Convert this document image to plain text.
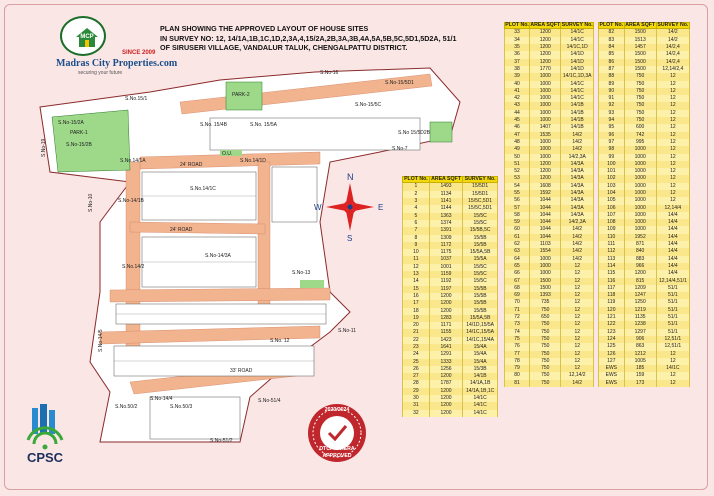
MCP
SINCE 2009
Madras City Properties.com
securing your future
PLAN SHOWING THE APPROVED LAYOUT OF HOUSE SITES
IN SURVEY NO: 12, 14/1A,1B,1C,1D,2,3A,4,15/2A,2B,3A,3B,4A,5A,5B,5C,5D1,5D2A, 51/1
OF SIRUSERI VILLAGE, VANDALUR TALUK, CHENGALPATTU DISTRICT.
24' ROAD
24' ROAD
33' ROAD
PARK-1
PARK-2
O.U.
S.No-16
S.No.15/1
S.No-15/2A
S.No-15/2B
S.No.14/1A
S.No-14/1B
S.No.14/1C
S.No.14/1D
S.No.14/2
S.No-14/3A
S.No-14/4
S.No-13
S.No. 12
S.No-11
S.No-7
S.No. 15/4B	S.No. 15/5A
S.No-15/5C
S.No-15/5D1
S.No 15/5D2B
S.No-10
S.No-19
S.No.50/2	S.No.50/3
S.No-51/2
S.No-51/4
S.No-14/5
N
S
E
W
CPSC
2023/2024
DTCP & RERA
APPROVED
PLOT No.	AREA SQFT	SURVEY No.
1	1493	15/5D1
2	1134	15/5D1
3	1141	15/5C,5D1
4	1144	15/5C,5D1
5	1363	15/5C
6	1374	15/5C
7	1391	15/5B,5C
8	1309	15/5B
9	1172	15/5B
10	1175	15/5A,5B
11	1037	15/5A
12	1001	15/5C
13	1159	15/5C
14	1192	15/5C
15	1197	15/5B
16	1200	15/5B
17	1200	15/5B
18	1200	15/5B
19	1283	15/5A,5B
20	1171	14/1D,15/5A
21	1155	14/1C,15/5A
22	1423	14/1C,15/4A
23	1641	15/4A
24	1291	15/4A
25	1333	15/4A
26	1256	15/3B
27	1200	14/1B
28	1787	14/1A,1B
29	1200	14/1A,1B,1C
30	1200	14/1C
31	1200	14/1C
32	1200	14/1C
PLOT No.	AREA SQFT	SURVEY No.
33	1200	14/1C
34	1200	14/1C
35	1200	14/1C,1D
36	1200	14/1D
37	1200	14/1D
38	1770	14/1D
39	1000	14/1C,1D,3A
40	1000	14/1C
41	1000	14/1C
42	1000	14/1C
43	1000	14/1B
44	1000	14/1B
45	1000	14/1B
46	1407	14/1B
47	1535	14/2
48	1000	14/2
49	1000	14/2
50	1000	14/2,3A
51	1200	14/3A
52	1200	14/3A
53	1200	14/3A
54	1608	14/3A
55	1592	14/3A
56	1044	14/3A
57	1044	14/3A
58	1044	14/3A
59	1044	14/2,3A
60	1044	14/2
61	1044	14/2
62	1103	14/2
63	1554	14/2
64	1000	14/2
65	1000	12
66	1000	12
67	1500	12
68	1500	12
69	1393	12
70	735	12
71	750	12
72	650	12
73	750	12
74	750	12
75	750	12
76	750	12
77	750	12
78	750	12
79	750	12
80	750	12,14/2
81	750	14/2
PLOT No.	AREA SQFT	SURVEY No.
82	1500	14/2
83	1513	14/2
84	1457	14/2,4
85	1500	14/2,4
86	1500	14/2,4
87	1500	12,14/2,4
88	750	12
89	750	12
90	750	12
91	750	12
92	750	12
93	750	12
94	750	12
95	600	12
96	742	12
97	995	12
98	1000	12
99	1000	12
100	1000	12
101	1000	12
102	1000	12
103	1000	12
104	1000	12
105	1000	12
106	1000	12,14/4
107	1000	14/4
108	1000	14/4
109	1000	14/4
110	1952	14/4
111	871	14/4
112	840	14/4
113	883	14/4
114	966	14/4
115	1200	14/4
116	815	12,14/4,51/1
117	1209	51/1
118	1247	51/1
119	1250	51/1
120	1219	51/1
121	1135	51/1
122	1238	51/1
123	1297	51/1
124	906	12,51/1
125	863	12,51/1
126	1212	12
127	1005	12
EWS	185	14/1C
EWS	159	12
EWS	173	12
